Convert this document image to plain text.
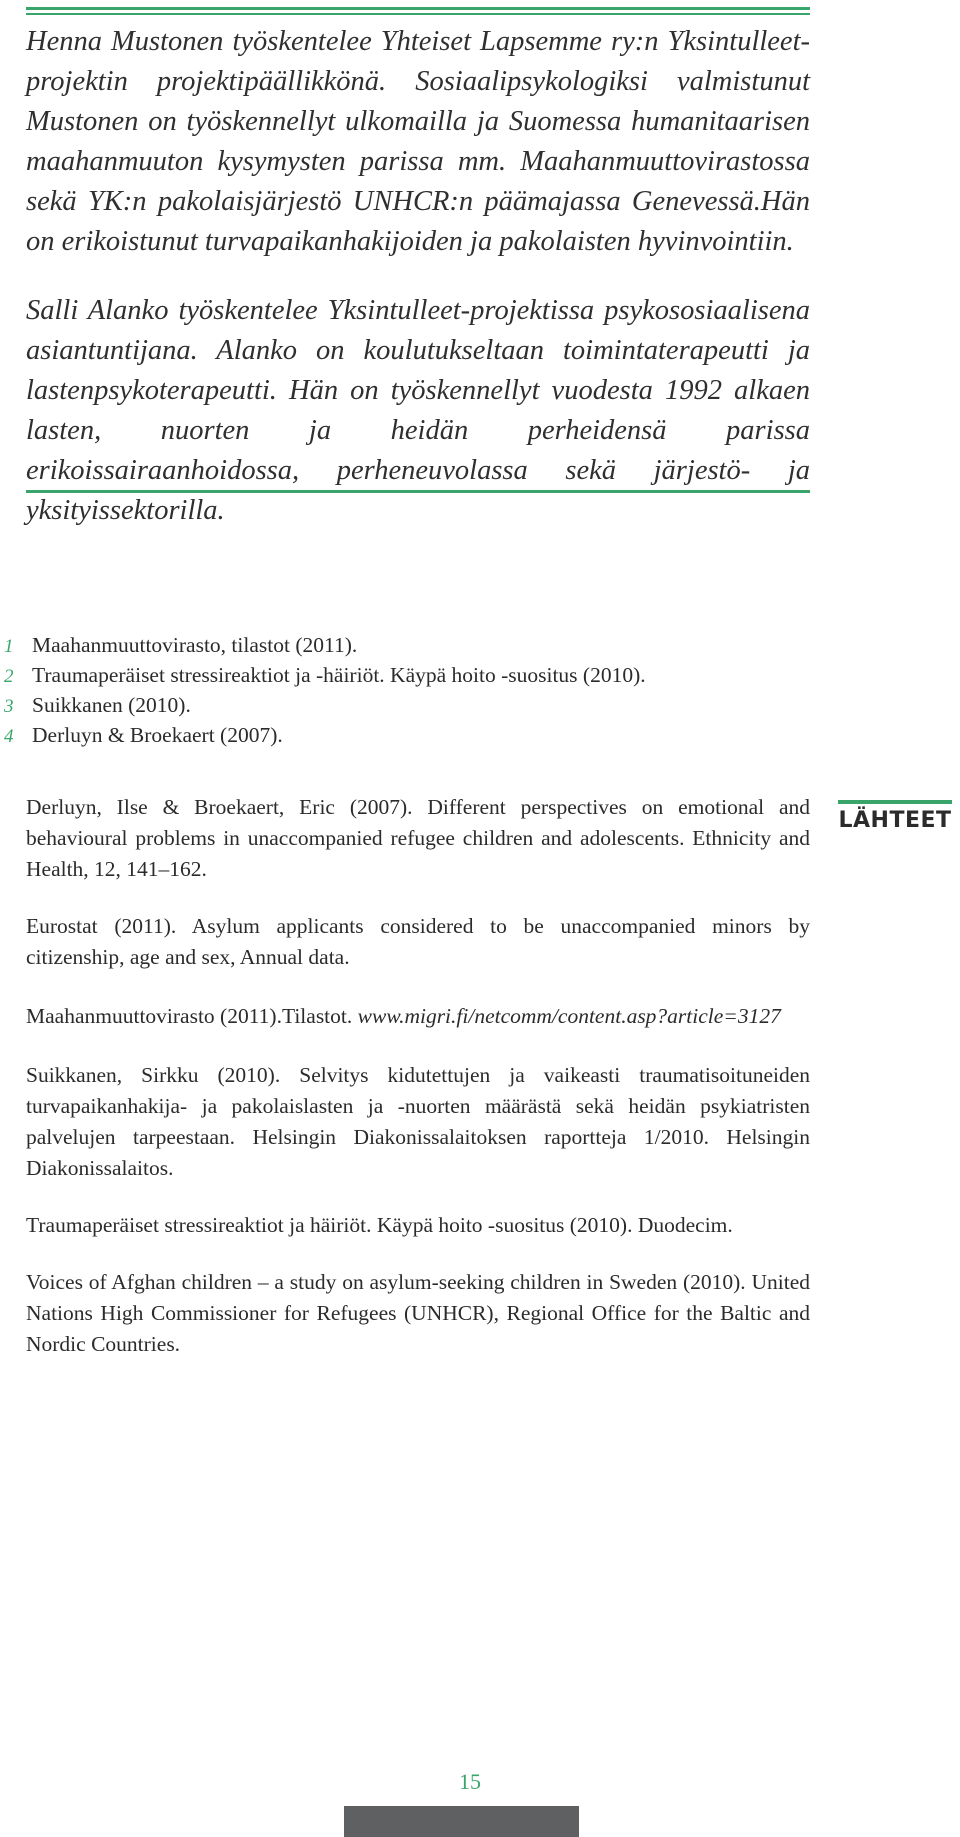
Henna Mustonen työskentelee Yhteiset Lapsemme ry:n Yksintulleet-projektin projektipäällikkönä. Sosiaalipsykologiksi valmistunut Mustonen on työskennellyt ulkomailla ja Suomessa humanitaarisen maahanmuuton kysymysten parissa mm. Maahanmuuttovirastossa sekä YK:n pakolaisjärjestö UNHCR:n päämajassa Genevessä.Hän on erikoistunut turvapaikanhakijoiden ja pakolaisten hyvinvointiin.

Salli Alanko työskentelee Yksintulleet-projektissa psykososiaalisena asiantuntijana. Alanko on koulutukseltaan toimintaterapeutti ja lastenpsykoterapeutti. Hän on työskennellyt vuodesta 1992 alkaen lasten, nuorten ja heidän perheidensä parissa erikoissairaanhoidossa, perheneuvolassa sekä järjestö- ja yksityissektorilla.

1 Maahanmuuttovirasto, tilastot (2011).
2 Traumaperäiset stressireaktiot ja -häiriöt. Käypä hoito -suositus (2010).
3 Suikkanen (2010).
4 Derluyn & Broekaert (2007).
LÄHTEET

Derluyn, Ilse & Broekaert, Eric (2007). Different perspectives on emotional and behavioural problems in unaccompanied refugee children and adolescents. Ethnicity and Health, 12, 141–162.

Eurostat (2011). Asylum applicants considered to be unaccompanied minors by citizenship, age and sex, Annual data.

Maahanmuuttovirasto (2011).Tilastot. www.migri.fi/netcomm/content.asp?article=3127

Suikkanen, Sirkku (2010). Selvitys kidutettujen ja vaikeasti traumatisoituneiden turvapaikanhakija- ja pakolaislasten ja -nuorten määrästä sekä heidän psykiatristen palvelujen tarpeestaan. Helsingin Diakonissalaitoksen raportteja 1/2010. Helsingin Diakonissalaitos.

Traumaperäiset stressireaktiot ja häiriöt. Käypä hoito -suositus (2010). Duodecim.

Voices of Afghan children – a study on asylum-seeking children in Sweden (2010). United Nations High Commissioner for Refugees (UNHCR), Regional Office for the Baltic and Nordic Countries.

15
